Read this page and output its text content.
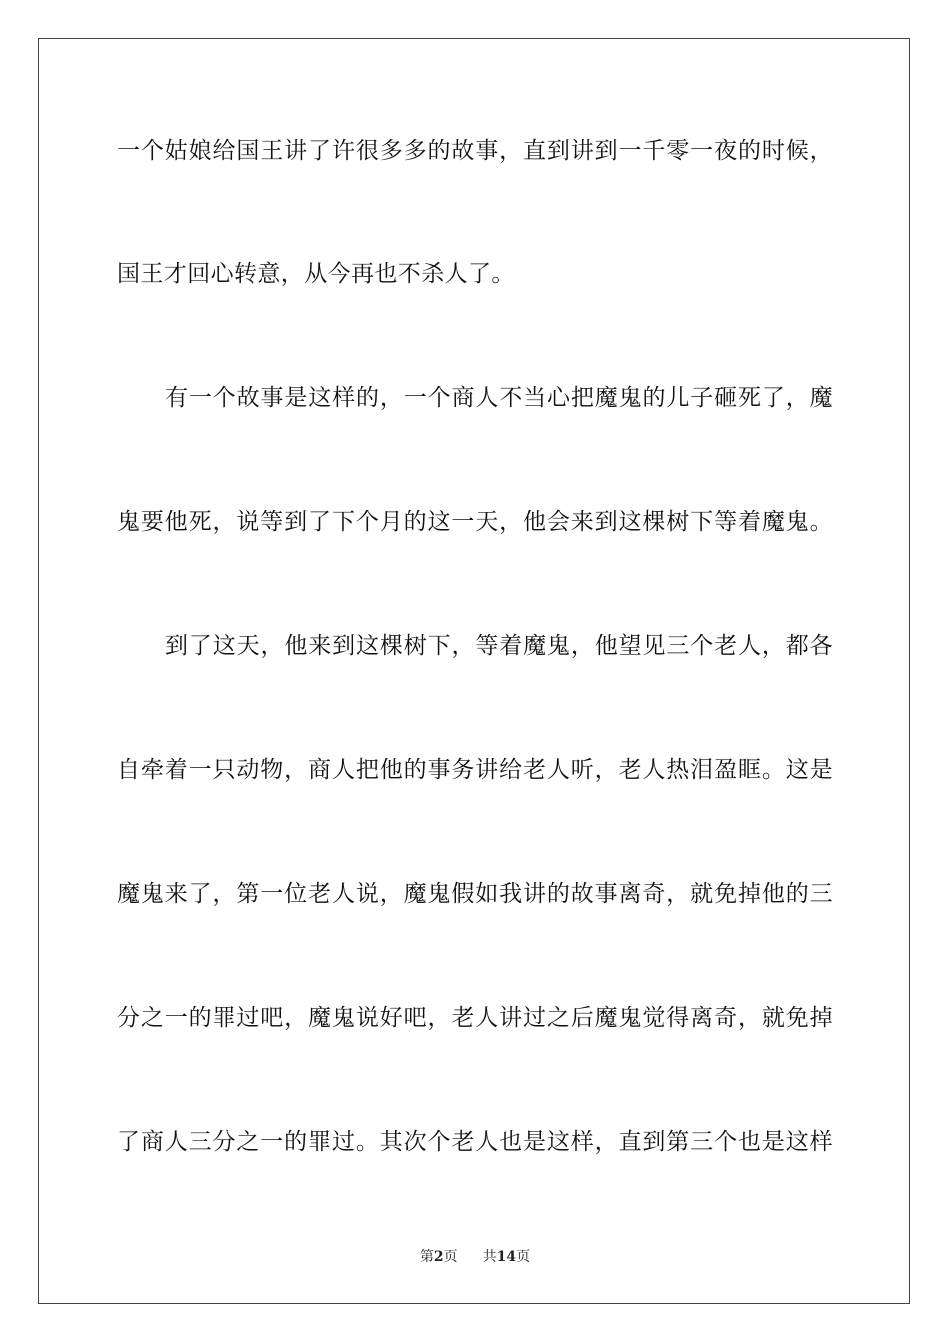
一个姑娘给国王讲了许很多多的故事，直到讲到一千零一夜的时候，
国王才回心转意，从今再也不杀人了。
有一个故事是这样的，一个商人不当心把魔鬼的儿子砸死了，魔
鬼要他死，说等到了下个月的这一天，他会来到这棵树下等着魔鬼。
到了这天，他来到这棵树下，等着魔鬼，他望见三个老人，都各
自牵着一只动物，商人把他的事务讲给老人听，老人热泪盈眶。这是
魔鬼来了，第一位老人说，魔鬼假如我讲的故事离奇，就免掉他的三
分之一的罪过吧，魔鬼说好吧，老人讲过之后魔鬼觉得离奇，就免掉
了商人三分之一的罪过。其次个老人也是这样，直到第三个也是这样
第2页 共14页
